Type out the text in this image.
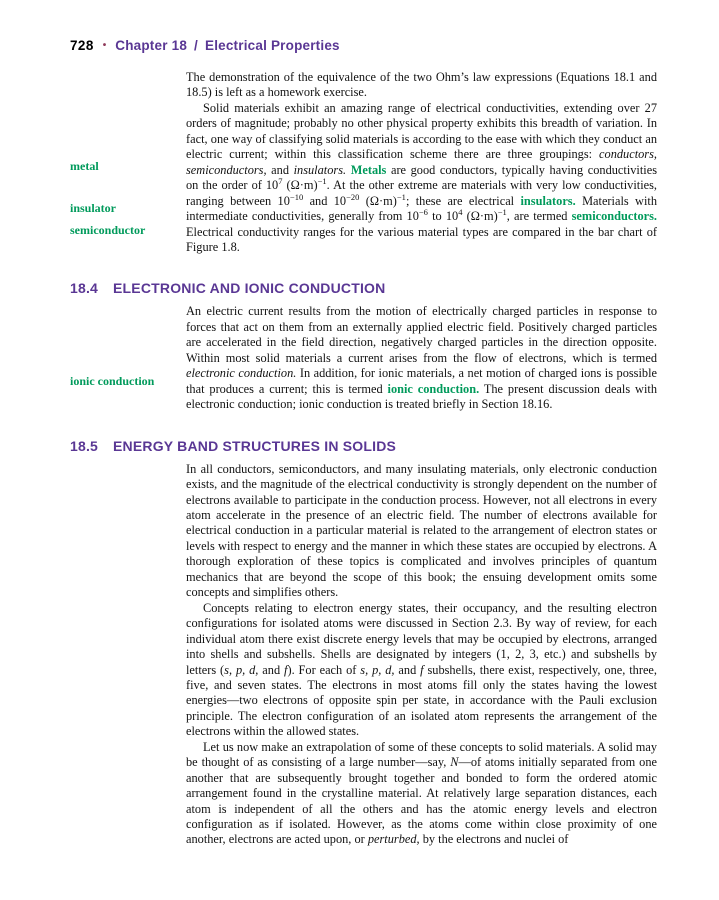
728 • Chapter 18 / Electrical Properties
metal
insulator
semiconductor
ionic conduction

The demonstration of the equivalence of the two Ohm’s law expressions (Equations 18.1 and 18.5) is left as a homework exercise.

Solid materials exhibit an amazing range of electrical conductivities, extending over 27 orders of magnitude; probably no other physical property exhibits this breadth of variation. In fact, one way of classifying solid materials is according to the ease with which they conduct an electric current; within this classification scheme there are three groupings: conductors, semiconductors, and insulators. Metals are good conductors, typically having conductivities on the order of $10^7$ $(\Omega\cdot m)^{-1}$. At the other extreme are materials with very low conductivities, ranging between $10^{-10}$ and $10^{-20}$ $(\Omega\cdot m)^{-1}$; these are electrical insulators. Materials with intermediate conductivities, generally from $10^{-6}$ to $10^4$ $(\Omega\cdot m)^{-1}$, are termed semiconductors. Electrical conductivity ranges for the various material types are compared in the bar chart of Figure 1.8.

18.4 ELECTRONIC AND IONIC CONDUCTION

An electric current results from the motion of electrically charged particles in response to forces that act on them from an externally applied electric field. Positively charged particles are accelerated in the field direction, negatively charged particles in the direction opposite. Within most solid materials a current arises from the flow of electrons, which is termed electronic conduction. In addition, for ionic materials, a net motion of charged ions is possible that produces a current; this is termed ionic conduction. The present discussion deals with electronic conduction; ionic conduction is treated briefly in Section 18.16.

18.5 ENERGY BAND STRUCTURES IN SOLIDS

In all conductors, semiconductors, and many insulating materials, only electronic conduction exists, and the magnitude of the electrical conductivity is strongly dependent on the number of electrons available to participate in the conduction process. However, not all electrons in every atom accelerate in the presence of an electric field. The number of electrons available for electrical conduction in a particular material is related to the arrangement of electron states or levels with respect to energy and the manner in which these states are occupied by electrons. A thorough exploration of these topics is complicated and involves principles of quantum mechanics that are beyond the scope of this book; the ensuing development omits some concepts and simplifies others.

Concepts relating to electron energy states, their occupancy, and the resulting electron configurations for isolated atoms were discussed in Section 2.3. By way of review, for each individual atom there exist discrete energy levels that may be occupied by electrons, arranged into shells and subshells. Shells are designated by integers (1, 2, 3, etc.) and subshells by letters (s, p, d, and f). For each of s, p, d, and f subshells, there exist, respectively, one, three, five, and seven states. The electrons in most atoms fill only the states having the lowest energies—two electrons of opposite spin per state, in accordance with the Pauli exclusion principle. The electron configuration of an isolated atom represents the arrangement of the electrons within the allowed states.

Let us now make an extrapolation of some of these concepts to solid materials. A solid may be thought of as consisting of a large number—say, N—of atoms initially separated from one another that are subsequently brought together and bonded to form the ordered atomic arrangement found in the crystalline material. At relatively large separation distances, each atom is independent of all the others and has the atomic energy levels and electron configuration as if isolated. However, as the atoms come within close proximity of one another, electrons are acted upon, or perturbed, by the electrons and nuclei of
